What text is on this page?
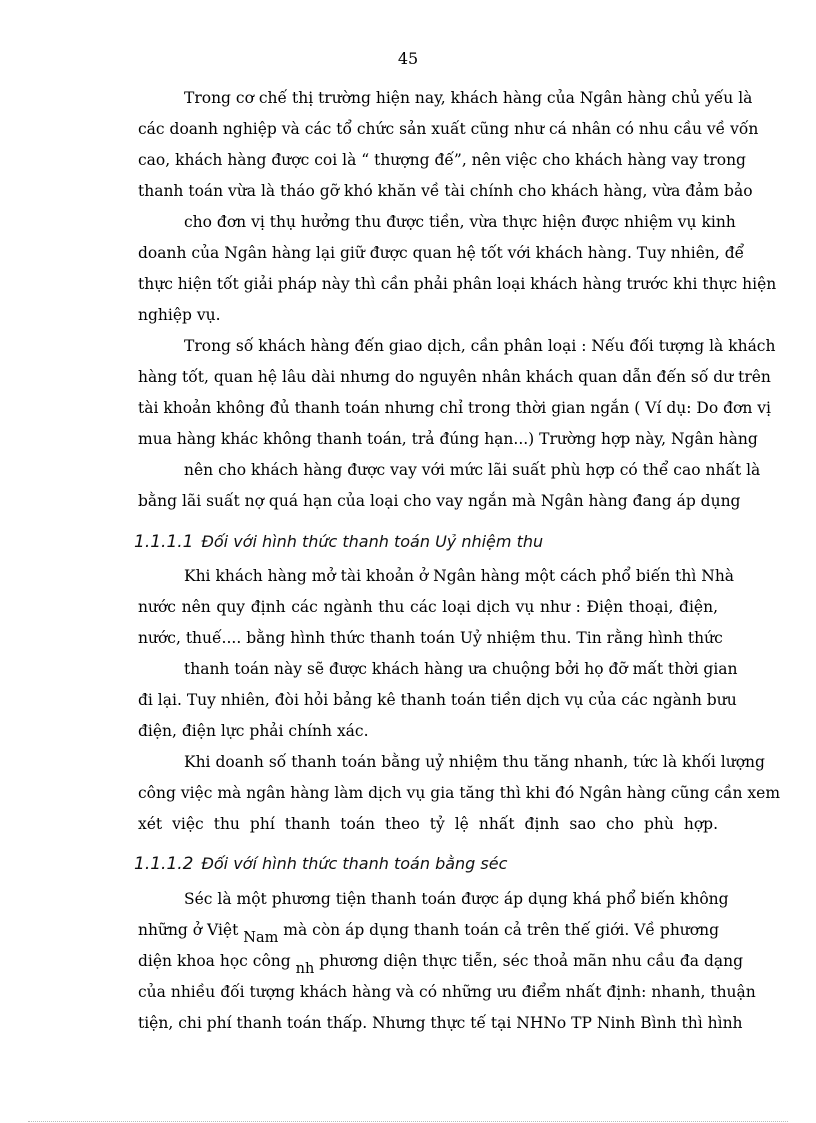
45
Trong cơ chế thị trường hiện nay, khách hàng của Ngân hàng chủ yếu là
các doanh nghiệp và các tổ chức sản xuất cũng như cá nhân có nhu cầu về vốn
cao, khách hàng được coi là “ thượng đế”, nên việc cho khách hàng vay trong
thanh toán vừa là tháo gỡ khó khăn về tài chính cho khách hàng, vừa đảm bảo
cho đơn vị thụ hưởng thu được tiền, vừa thực hiện được nhiệm vụ kinh
doanh của Ngân hàng lại giữ được quan hệ tốt với khách hàng. Tuy nhiên, để
thực hiện tốt giải pháp này thì cần phải phân loại khách hàng trước khi thực hiện
nghiệp vụ.
Trong số khách hàng đến giao dịch, cần phân loại : Nếu đối tượng là khách
hàng tốt, quan hệ lâu dài nhưng do nguyên nhân khách quan dẫn đến số dư trên
tài khoản không đủ thanh toán nhưng chỉ trong thời gian ngắn ( Ví dụ: Do đơn vị
mua hàng khác không thanh toán, trả đúng hạn...) Trường hợp này, Ngân hàng
nên cho khách hàng được vay với mức lãi suất phù hợp có thể cao nhất là
bằng lãi suất nợ quá hạn của loại cho vay ngắn mà Ngân hàng đang áp dụng
1.1.1.1 Đối với hình thức thanh toán Uỷ nhiệm thu
Khi khách hàng mở tài khoản ở Ngân hàng một cách phổ biến thì Nhà
nước nên quy định các ngành thu các loại dịch vụ như : Điện thoại, điện,
nước, thuế.... bằng hình thức thanh toán Uỷ nhiệm thu. Tin rằng hình thức
thanh toán này sẽ được khách hàng ưa chuộng bởi họ đỡ mất thời gian
đi lại. Tuy nhiên, đòi hỏi bảng kê thanh toán tiền dịch vụ của các ngành bưu
điện, điện lực phải chính xác.
Khi doanh số thanh toán bằng uỷ nhiệm thu tăng nhanh, tức là khối lượng
công việc mà ngân hàng làm dịch vụ gia tăng thì khi đó Ngân hàng cũng cần xem
xét việc thu phí thanh toán theo tỷ lệ nhất định sao cho phù hợp.
1.1.1.2 Đối vớí hình thức thanh toán bằng séc
Séc là một phương tiện thanh toán được áp dụng khá phổ biến không
những ở Việt Nam mà còn áp dụng thanh toán cả trên thế giới. Về phương
diện khoa học công nh phương diện thực tiễn, séc thoả mãn nhu cầu đa dạng
của nhiều đối tượng khách hàng và có những ưu điểm nhất định: nhanh, thuận
tiện, chi phí thanh toán thấp. Nhưng thực tế tại NHNo TP Ninh Bình thì hình
